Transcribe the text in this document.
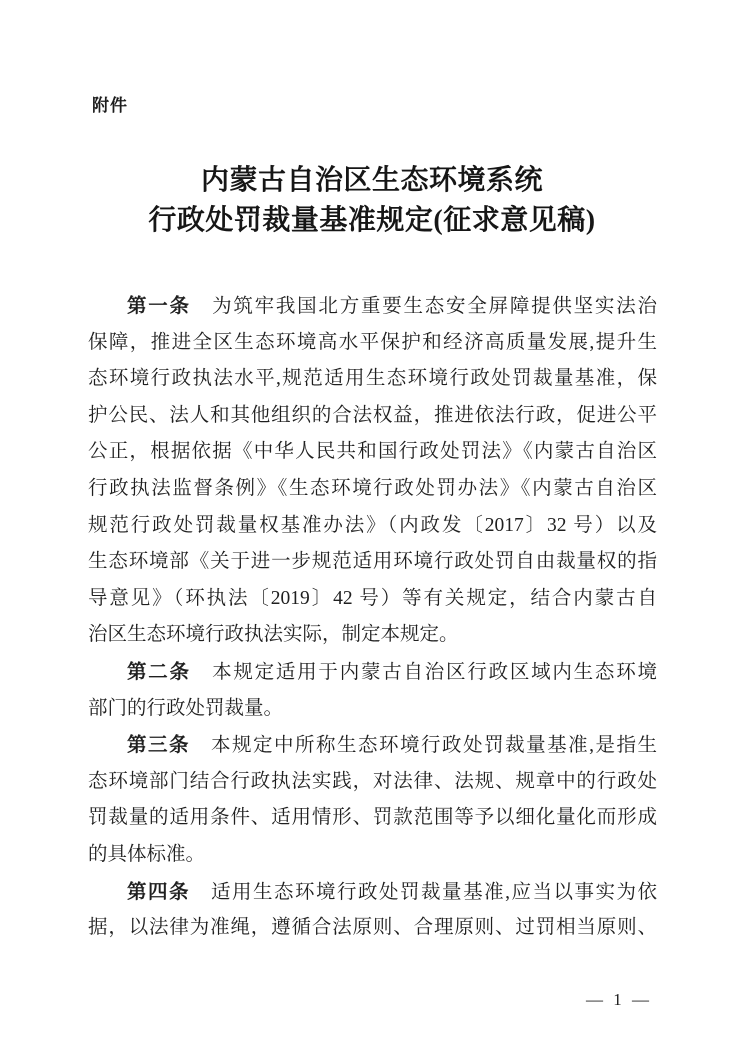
附件
内蒙古自治区生态环境系统
行政处罚裁量基准规定(征求意见稿)
第一条　为筑牢我国北方重要生态安全屏障提供坚实法治
保障，推进全区生态环境高水平保护和经济高质量发展,提升生
态环境行政执法水平,规范适用生态环境行政处罚裁量基准，保
护公民、法人和其他组织的合法权益，推进依法行政，促进公平
公正，根据依据《中华人民共和国行政处罚法》《内蒙古自治区
行政执法监督条例》《生态环境行政处罚办法》《内蒙古自治区
规范行政处罚裁量权基准办法》（内政发〔2017〕32 号）以及
生态环境部《关于进一步规范适用环境行政处罚自由裁量权的指
导意见》（环执法〔2019〕42 号）等有关规定，结合内蒙古自
治区生态环境行政执法实际，制定本规定。
第二条　本规定适用于内蒙古自治区行政区域内生态环境
部门的行政处罚裁量。
第三条　本规定中所称生态环境行政处罚裁量基准,是指生
态环境部门结合行政执法实践，对法律、法规、规章中的行政处
罚裁量的适用条件、适用情形、罚款范围等予以细化量化而形成
的具体标准。
第四条　适用生态环境行政处罚裁量基准,应当以事实为依
据，以法律为准绳，遵循合法原则、合理原则、过罚相当原则、
— 1 —
